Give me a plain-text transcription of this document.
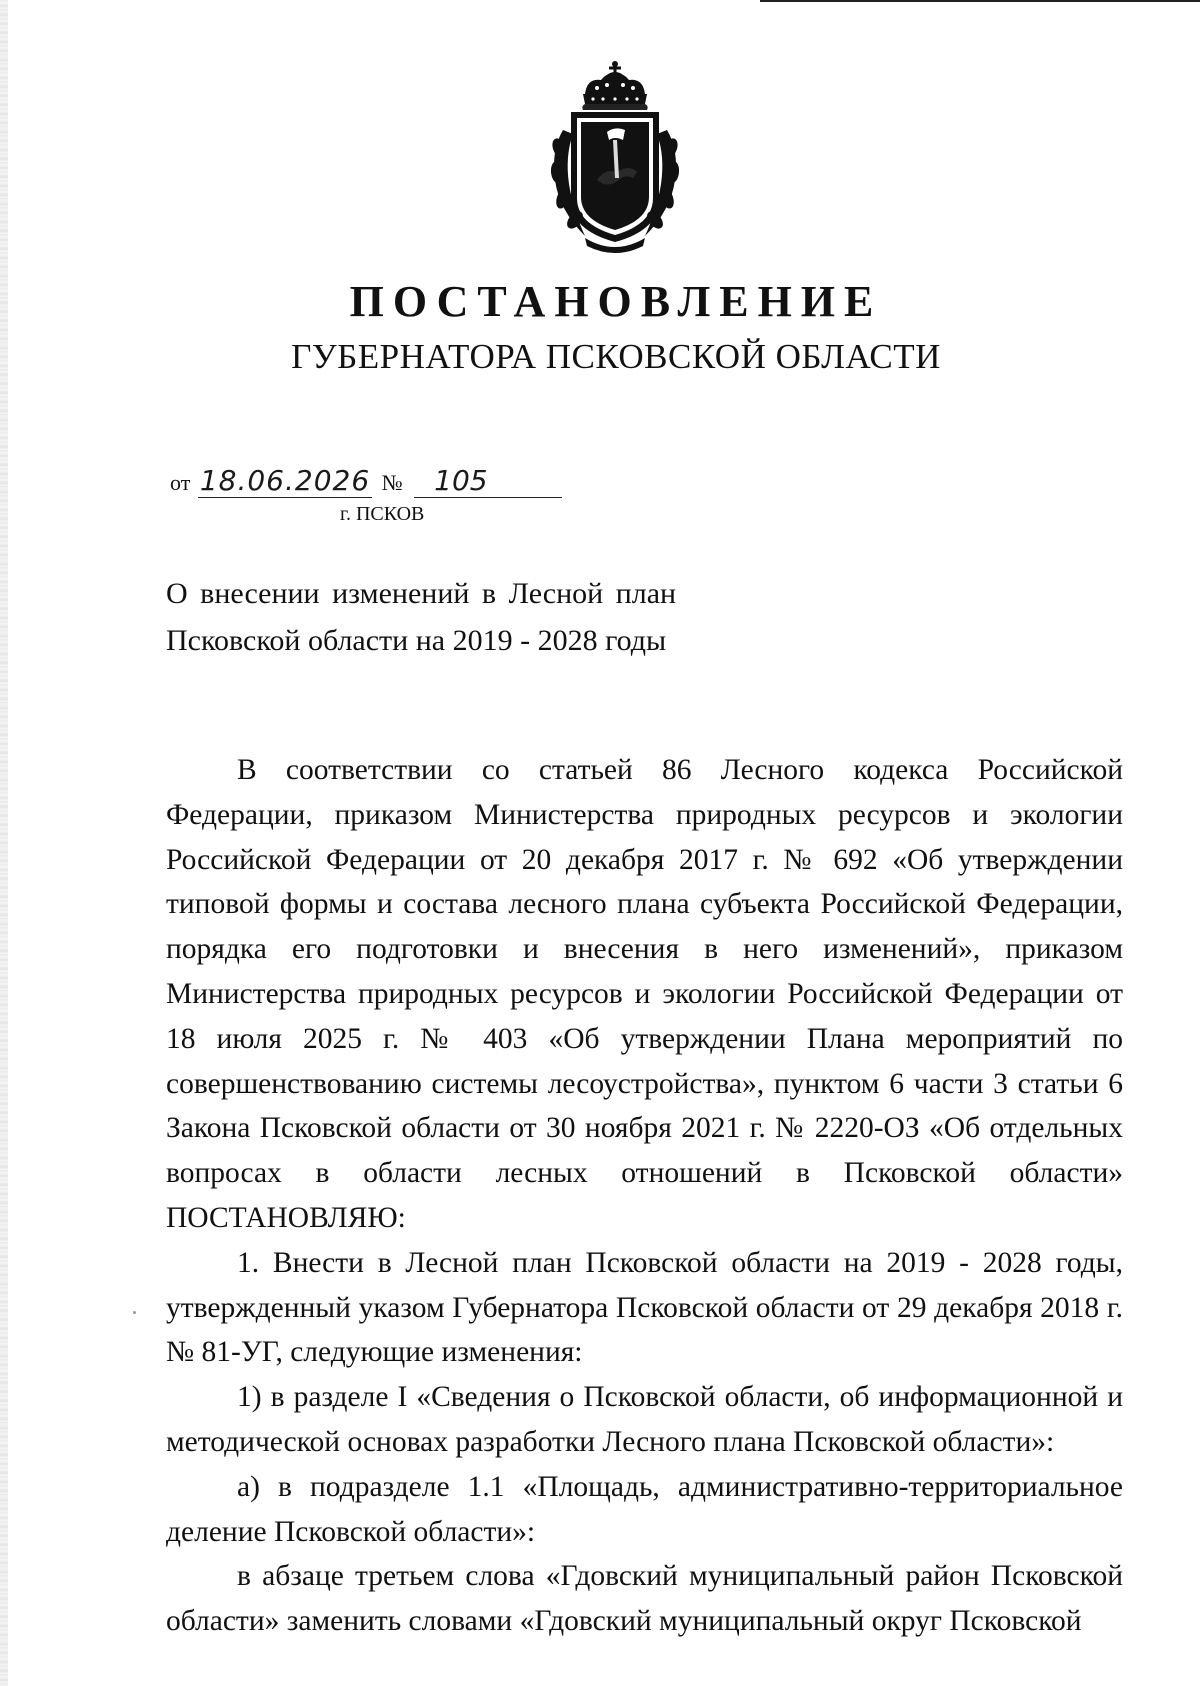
ПОСТАНОВЛЕНИЕ
ГУБЕРНАТОРА ПСКОВСКОЙ ОБЛАСТИ
от 18.06.2026 № 105
г. ПСКОВ
О внесении изменений в Лесной план
Псковской области на 2019 - 2028 годы

В соответствии со статьей 86 Лесного кодекса Российской Федерации, приказом Министерства природных ресурсов и экологии Российской Федерации от 20 декабря 2017 г. № 692 «Об утверждении типовой формы и состава лесного плана субъекта Российской Федерации, порядка его подготовки и внесения в него изменений», приказом Министерства природных ресурсов и экологии Российской Федерации от 18 июля 2025 г. № 403 «Об утверждении Плана мероприятий по совершенствованию системы лесоустройства», пунктом 6 части 3 статьи 6 Закона Псковской области от 30 ноября 2021 г. № 2220-ОЗ «Об отдельных вопросах в области лесных отношений в Псковской области» ПОСТАНОВЛЯЮ:

1. Внести в Лесной план Псковской области на 2019 - 2028 годы, утвержденный указом Губернатора Псковской области от 29 декабря 2018 г. № 81-УГ, следующие изменения:

1) в разделе I «Сведения о Псковской области, об информационной и методической основах разработки Лесного плана Псковской области»:

а) в подразделе 1.1 «Площадь, административно-территориальное деление Псковской области»:

в абзаце третьем слова «Гдовский муниципальный район Псковской области» заменить словами «Гдовский муниципальный округ Псковской
